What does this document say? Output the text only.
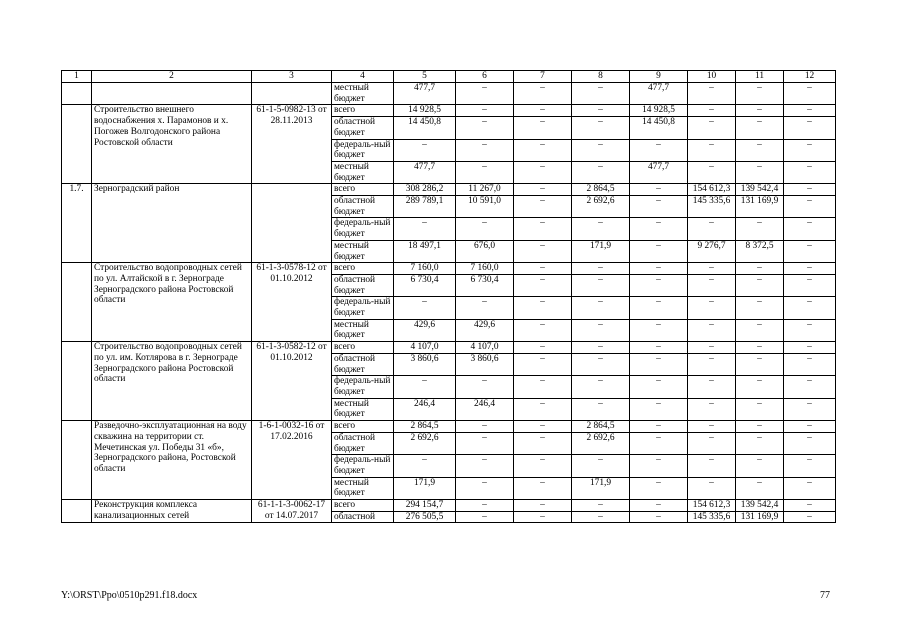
1	2	3	4	5	6	7	8	9	10	11	12
			местный бюджет	477,7	–	–	–	477,7	–	–	–
	Строительство внешнего водоснабжения х. Парамонов и х. Погожев Волгодонского района Ростовской области	61-1-5-0982-13 от 28.11.2013	всего	14 928,5	–	–	–	14 928,5	–	–	–
			областной бюджет	14 450,8	–	–	–	14 450,8	–	–	–
			федераль-ный бюджет	–	–	–	–	–	–	–	–
			местный бюджет	477,7	–	–	–	477,7	–	–	–
1.7.	Зерноградский район		всего	308 286,2	11 267,0	–	2 864,5	–	154 612,3	139 542,4	–
			областной бюджет	289 789,1	10 591,0	–	2 692,6	–	145 335,6	131 169,9	–
			федераль-ный бюджет	–	–	–	–	–	–	–	–
			местный бюджет	18 497,1	676,0	–	171,9	–	9 276,7	8 372,5	–
	Строительство водопроводных сетей по ул. Алтайской в г. Зернограде Зерноградского района Ростовской области	61-1-3-0578-12 от 01.10.2012	всего	7 160,0	7 160,0	–	–	–	–	–	–
			областной бюджет	6 730,4	6 730,4	–	–	–	–	–	–
			федераль-ный бюджет	–	–	–	–	–	–	–	–
			местный бюджет	429,6	429,6	–	–	–	–	–	–
	Строительство водопроводных сетей по ул. им. Котлярова в г. Зернограде Зерноградского района Ростовской области	61-1-3-0582-12 от 01.10.2012	всего	4 107,0	4 107,0	–	–	–	–	–	–
			областной бюджет	3 860,6	3 860,6	–	–	–	–	–	–
			федераль-ный бюджет	–	–	–	–	–	–	–	–
			местный бюджет	246,4	246,4	–	–	–	–	–	–
	Разведочно-эксплуатационная на воду скважина на территории ст. Мечетинская ул. Победы 31 «б», Зерноградского района, Ростовской области	1-6-1-0032-16 от 17.02.2016	всего	2 864,5	–	–	2 864,5	–	–	–	–
			областной бюджет	2 692,6	–	–	2 692,6	–	–	–	–
			федераль-ный бюджет	–	–	–	–	–	–	–	–
			местный бюджет	171,9	–	–	171,9	–	–	–	–
	Реконструкция комплекса канализационных сетей	61-1-1-3-0062-17 от 14.07.2017	всего	294 154,7	–	–	–	–	154 612,3	139 542,4	–
			областной	276 505,5	–	–	–	–	145 335,6	131 169,9	–
Y:\ORST\Ppo\0510p291.f18.docx	77
